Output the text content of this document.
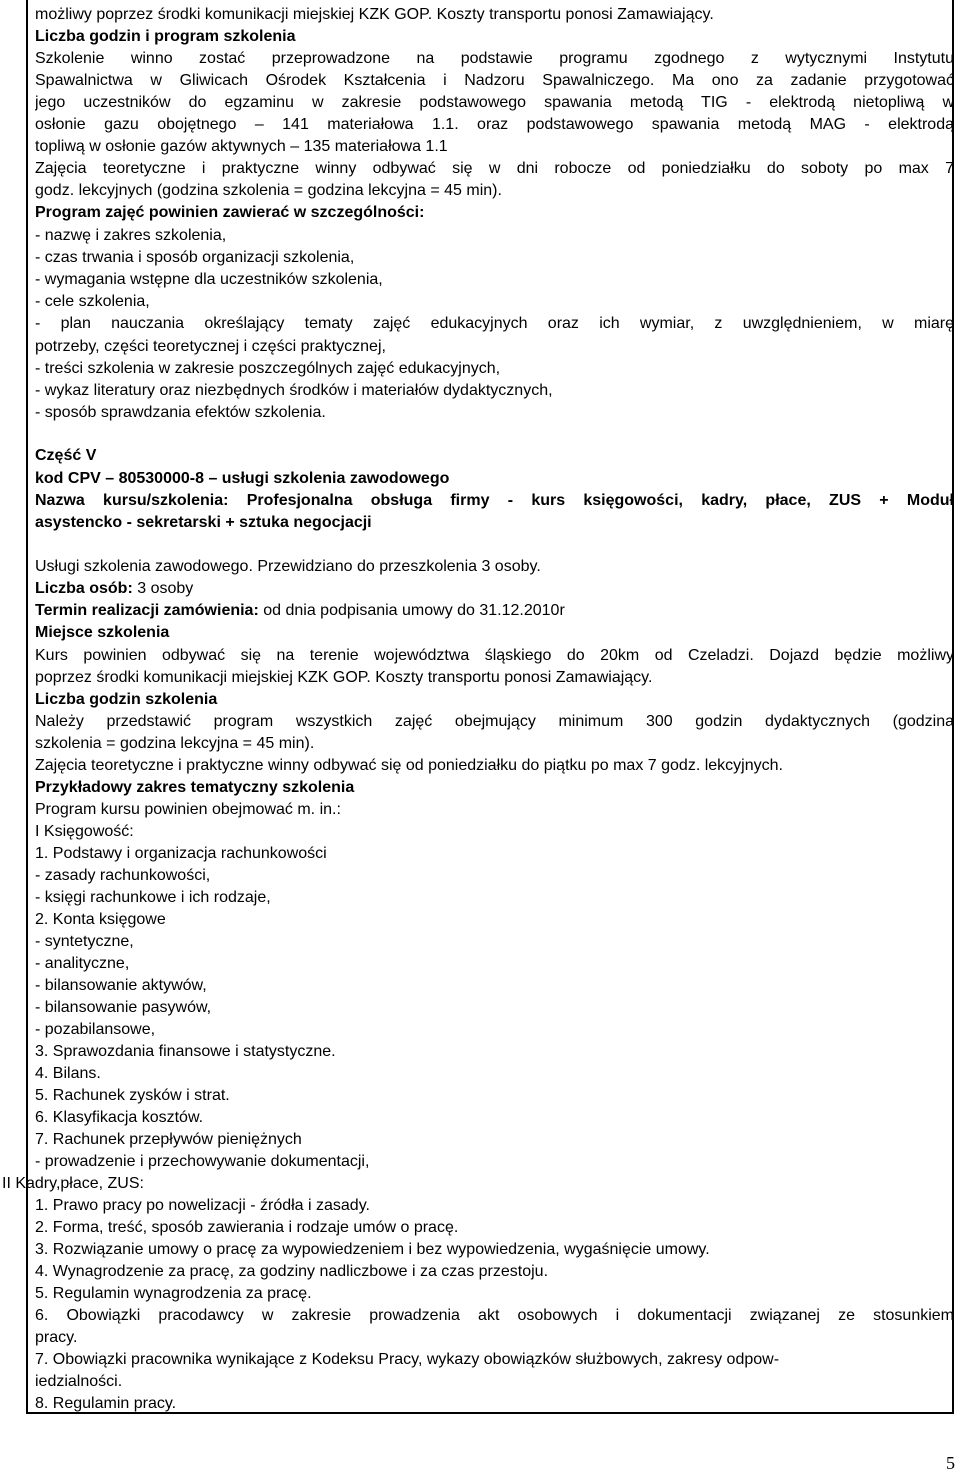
możliwy poprzez środki komunikacji miejskiej KZK GOP. Koszty transportu ponosi Zamawiający.

Liczba godzin i program szkolenia

Szkolenie winno zostać przeprowadzone na podstawie programu zgodnego z wytycznymi Instytutu

Spawalnictwa w Gliwicach Ośrodek Kształcenia i Nadzoru Spawalniczego. Ma ono za zadanie przygotować

jego uczestników do egzaminu w zakresie podstawowego spawania metodą TIG - elektrodą nietopliwą w

osłonie gazu obojętnego – 141 materiałowa 1.1. oraz podstawowego spawania metodą MAG - elektrodą

topliwą w osłonie gazów aktywnych – 135 materiałowa 1.1

Zajęcia teoretyczne i praktyczne winny odbywać się w dni robocze od poniedziałku do soboty po max 7

godz. lekcyjnych (godzina szkolenia = godzina lekcyjna = 45 min).

Program zajęć powinien zawierać w szczególności:

- nazwę i zakres szkolenia,

- czas trwania i sposób organizacji szkolenia,

- wymagania wstępne dla uczestników szkolenia,

- cele szkolenia,

- plan nauczania określający tematy zajęć edukacyjnych oraz ich wymiar, z uwzględnieniem, w miarę

potrzeby, części teoretycznej i części praktycznej,

- treści szkolenia w zakresie poszczególnych zajęć edukacyjnych,

- wykaz literatury oraz niezbędnych środków i materiałów dydaktycznych,

- sposób sprawdzania efektów szkolenia.

Część V

kod CPV – 80530000-8 – usługi szkolenia zawodowego

Nazwa kursu/szkolenia: Profesjonalna obsługa firmy - kurs księgowości, kadry, płace, ZUS + Moduł

asystencko - sekretarski + sztuka negocjacji

Usługi szkolenia zawodowego. Przewidziano do przeszkolenia 3 osoby.

Liczba osób: 3 osoby

Termin realizacji zamówienia: od dnia podpisania umowy do 31.12.2010r

Miejsce szkolenia

Kurs powinien odbywać się na terenie województwa śląskiego do 20km od Czeladzi. Dojazd będzie możliwy

poprzez środki komunikacji miejskiej KZK GOP. Koszty transportu ponosi Zamawiający.

Liczba godzin szkolenia

Należy przedstawić program wszystkich zajęć obejmujący minimum 300 godzin dydaktycznych (godzina

szkolenia = godzina lekcyjna = 45 min).

Zajęcia teoretyczne i praktyczne winny odbywać się od poniedziałku do piątku po max 7 godz. lekcyjnych.

Przykładowy zakres tematyczny szkolenia

Program kursu powinien obejmować m. in.:

I Księgowość:

1. Podstawy i organizacja rachunkowości

- zasady rachunkowości,

- księgi rachunkowe i ich rodzaje,

2. Konta księgowe

- syntetyczne,

- analityczne,

- bilansowanie aktywów,

- bilansowanie pasywów,

- pozabilansowe,

3. Sprawozdania finansowe i statystyczne.

4. Bilans.

5. Rachunek zysków i strat.

6. Klasyfikacja kosztów.

7. Rachunek przepływów pieniężnych

- prowadzenie i przechowywanie dokumentacji,

II Kadry,płace, ZUS:

1. Prawo pracy po nowelizacji - źródła i zasady.

2. Forma, treść, sposób zawierania i rodzaje umów o pracę.

3. Rozwiązanie umowy o pracę za wypowiedzeniem i bez wypowiedzenia, wygaśnięcie umowy.

4. Wynagrodzenie za pracę, za godziny nadliczbowe i za czas przestoju.

5. Regulamin wynagrodzenia za pracę.

6. Obowiązki pracodawcy w zakresie prowadzenia akt osobowych i dokumentacji związanej ze stosunkiem

pracy.

7. Obowiązki pracownika wynikające z Kodeksu Pracy, wykazy obowiązków służbowych, zakresy odpow-

iedzialności.

8. Regulamin pracy.

5
